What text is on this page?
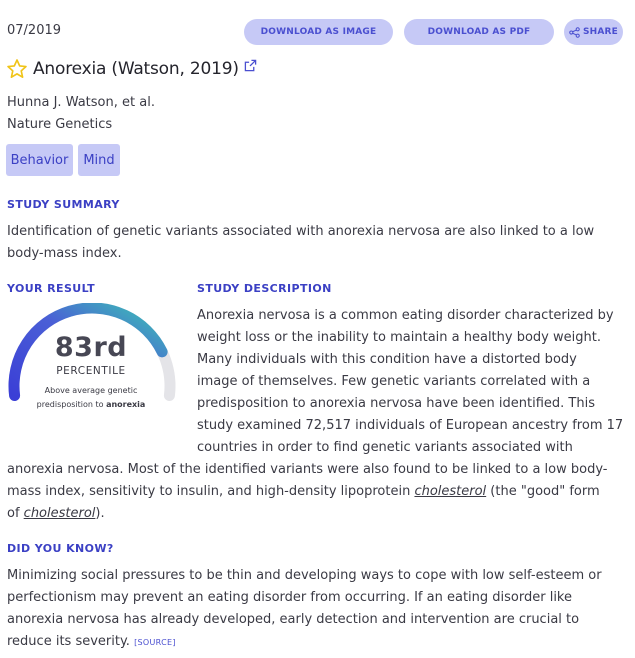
07/2019	DOWNLOAD AS IMAGE	DOWNLOAD AS PDF	SHARE
Anorexia (Watson, 2019)
Hunna J. Watson, et al.
Nature Genetics
Behavior	Mind
STUDY SUMMARY
Identification of genetic variants associated with anorexia nervosa are also linked to a low body-mass index.
YOUR RESULT	STUDY DESCRIPTION
83rd
PERCENTILE
Above average genetic
predisposition to anorexia
Anorexia nervosa is a common eating disorder characterized by
weight loss or the inability to maintain a healthy body weight.
Many individuals with this condition have a distorted body
image of themselves. Few genetic variants correlated with a
predisposition to anorexia nervosa have been identified. This
study examined 72,517 individuals of European ancestry from 17
countries in order to find genetic variants associated with
anorexia nervosa. Most of the identified variants were also found to be linked to a low body-
mass index, sensitivity to insulin, and high-density lipoprotein cholesterol (the "good" form
of cholesterol).
DID YOU KNOW?
Minimizing social pressures to be thin and developing ways to cope with low self-esteem or perfectionism may prevent an eating disorder from occurring. If an eating disorder like anorexia nervosa has already developed, early detection and intervention are crucial to reduce its severity. [SOURCE]
